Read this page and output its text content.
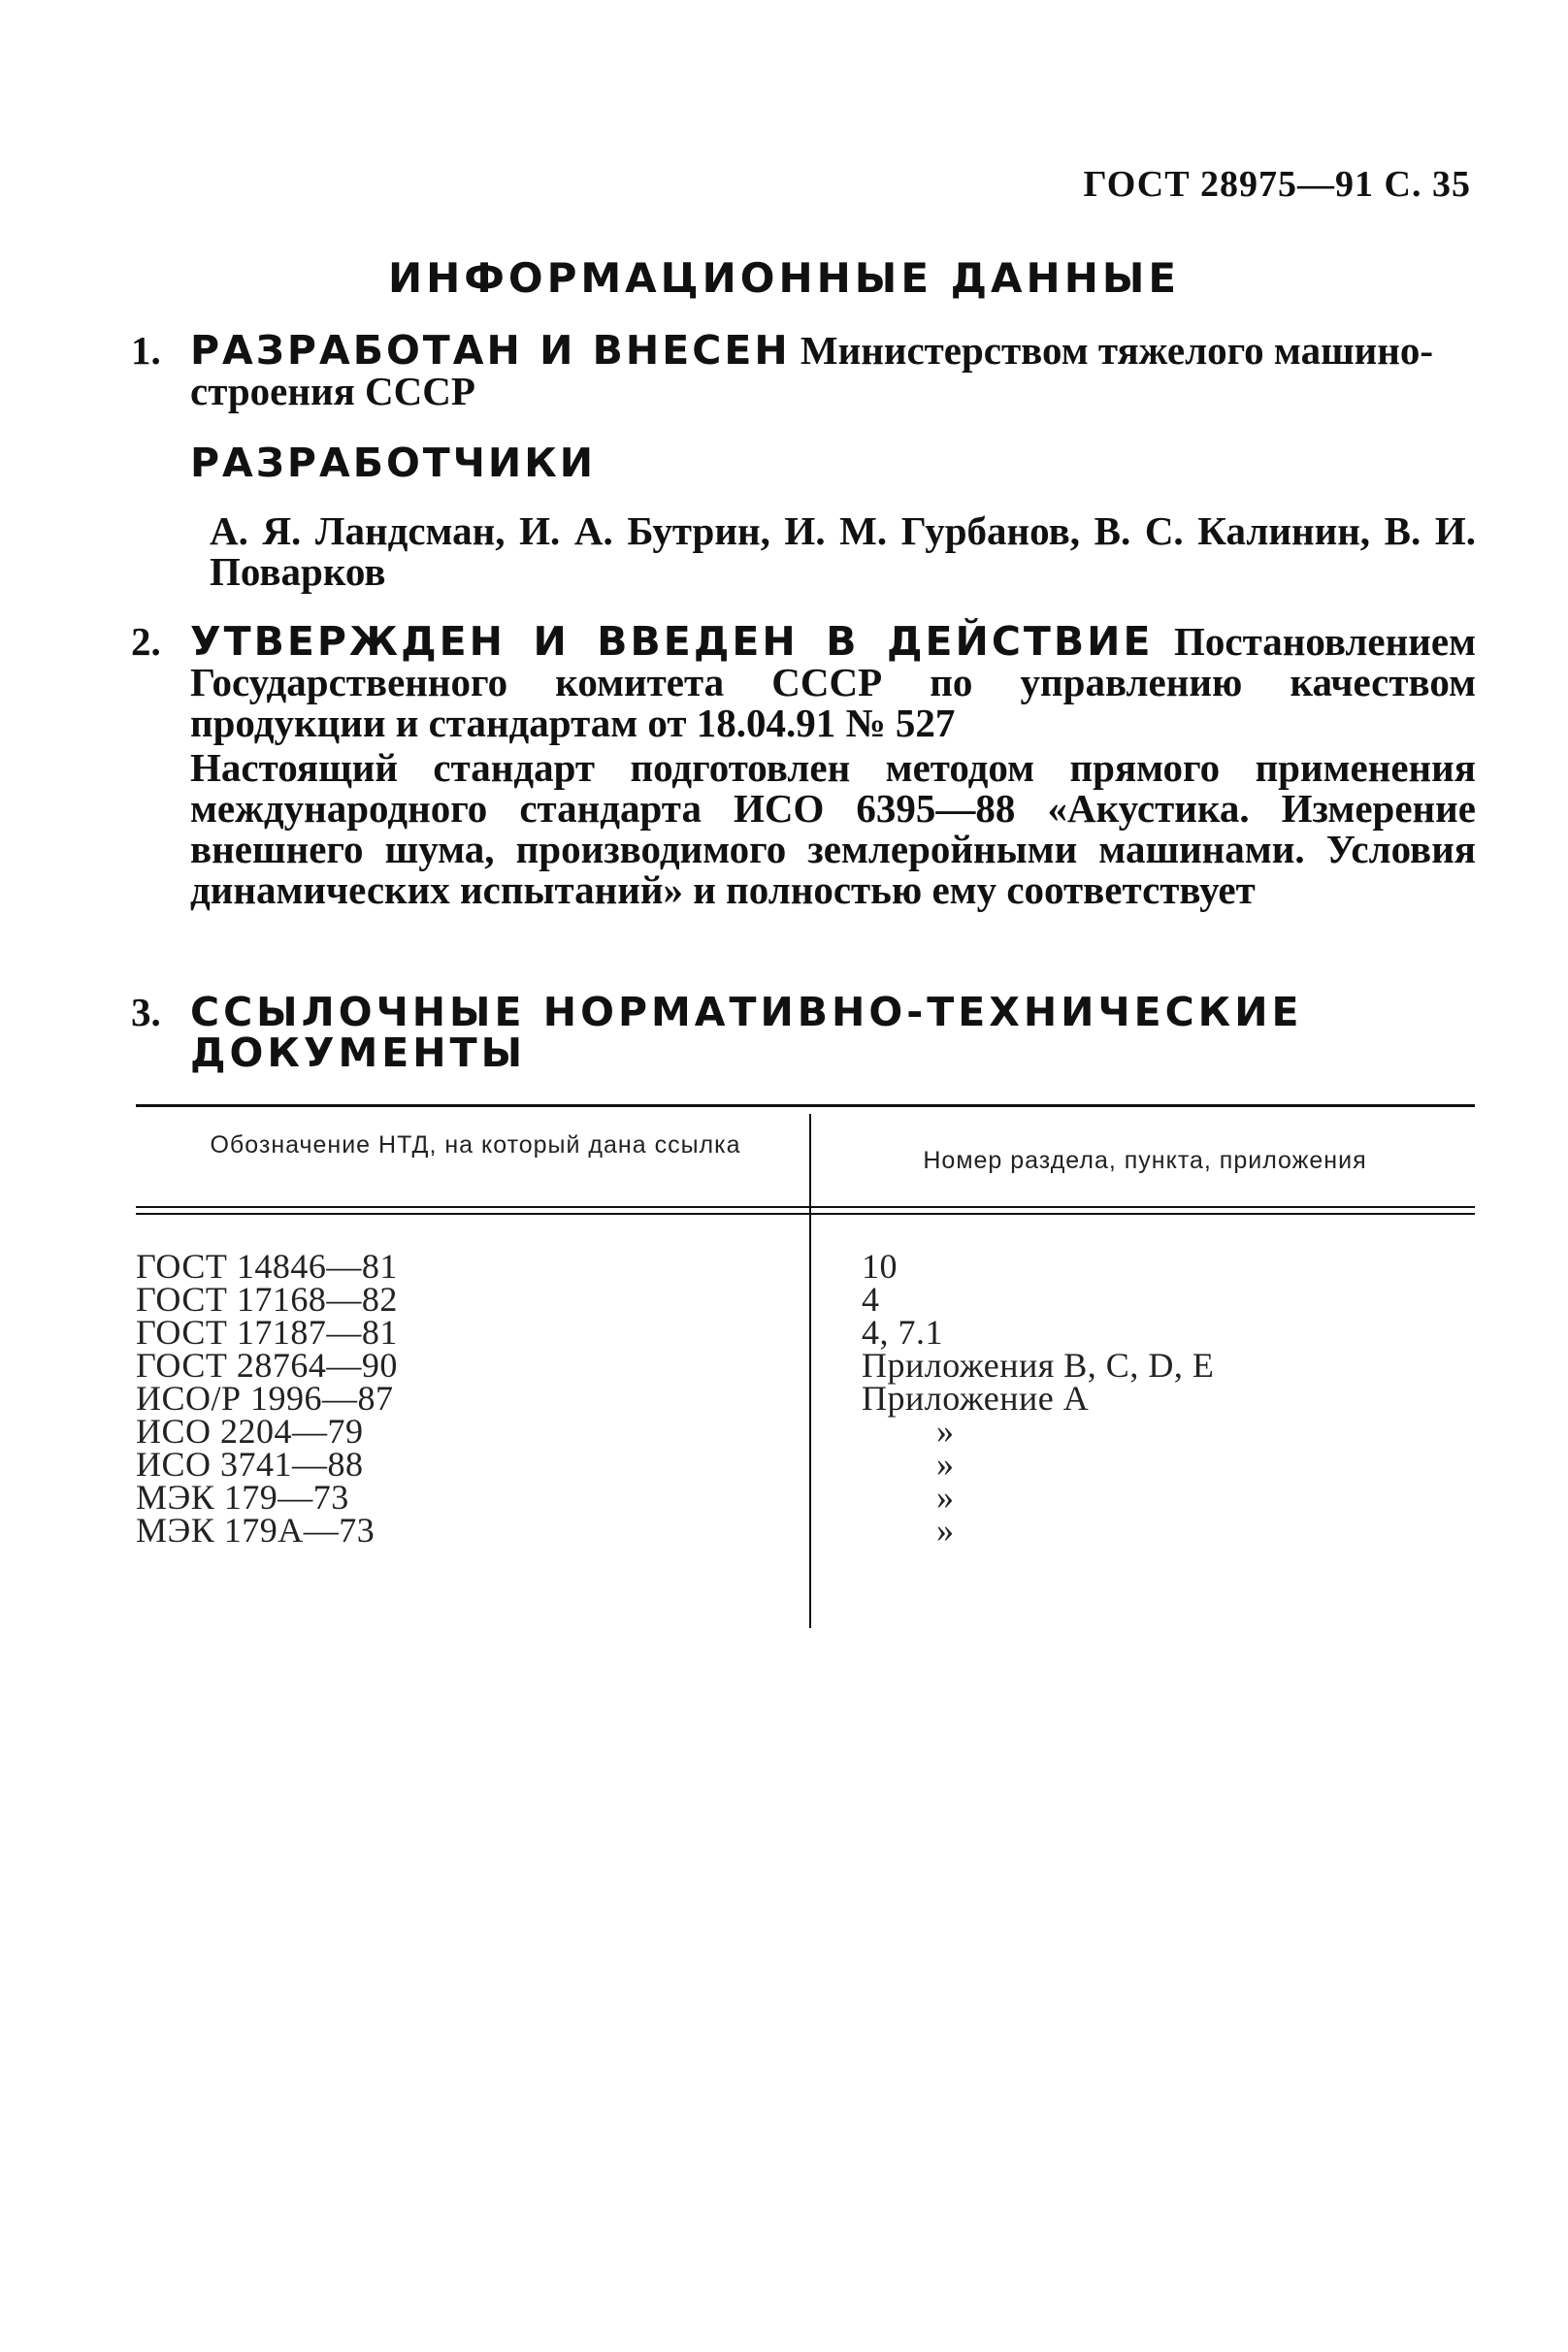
ГОСТ 28975—91 С. 35
ИНФОРМАЦИОННЫЕ ДАННЫЕ
1. РАЗРАБОТАН И ВНЕСЕН Министерством тяжелого машино-строения СССР
РАЗРАБОТЧИКИ
А. Я. Ландсман, И. А. Бутрин, И. М. Гурбанов, В. С. Калинин, В. И. Поварков
2. УТВЕРЖДЕН И ВВЕДЕН В ДЕЙСТВИЕ Постановлением Государственного комитета СССР по управлению качеством продукции и стандартам от 18.04.91 № 527
Настоящий стандарт подготовлен методом прямого применения международного стандарта ИСО 6395—88 «Акустика. Измерение внешнего шума, производимого землеройными машинами. Условия динамических испытаний» и полностью ему соответствует
3. ССЫЛОЧНЫЕ НОРМАТИВНО-ТЕХНИЧЕСКИЕ ДОКУМЕНТЫ
Обозначение НТД, на который дана ссылка
Номер раздела, пункта, приложения
ГОСТ 14846—81	10
ГОСТ 17168—82	4
ГОСТ 17187—81	4, 7.1
ГОСТ 28764—90	Приложения В, С, D, Е
ИСО/Р 1996—87	Приложение А
ИСО 2204—79	»
ИСО 3741—88	»
МЭК 179—73	»
МЭК 179А—73	»
